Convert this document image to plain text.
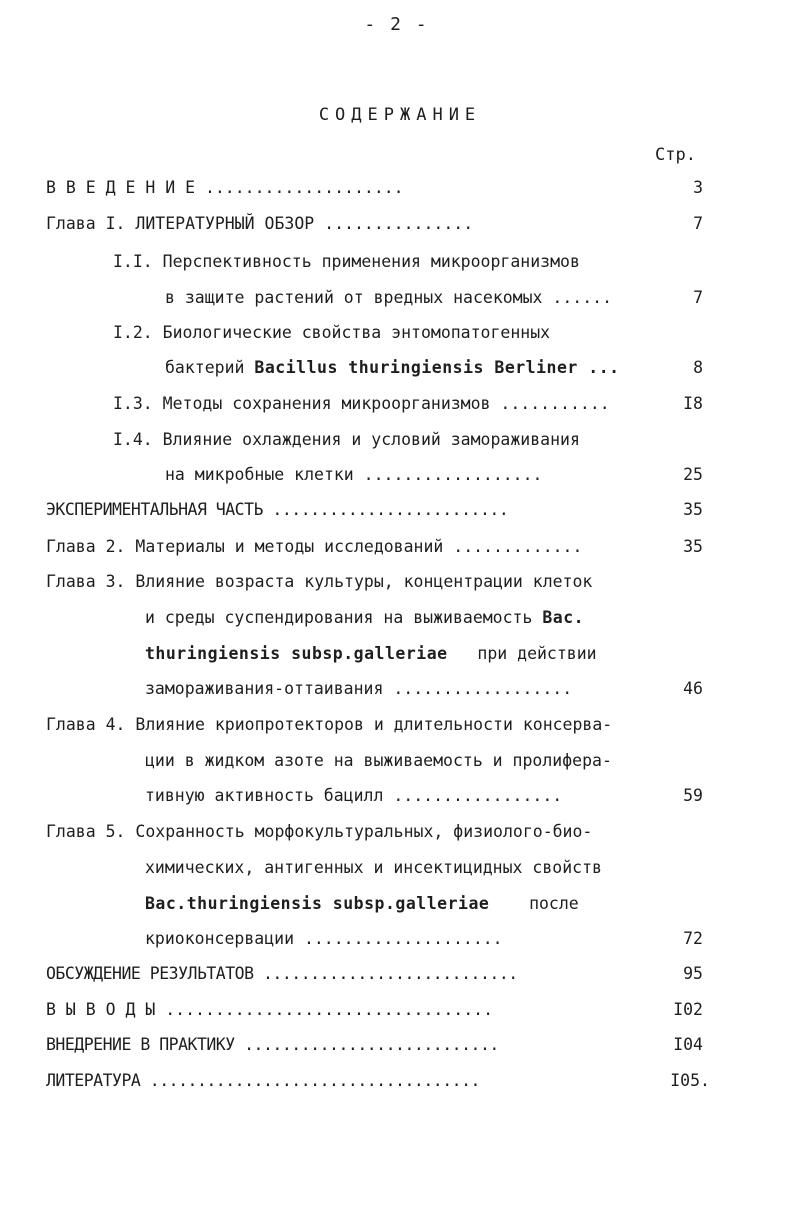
- 2 -
СОДЕРЖАНИЕ
Стр.
В В Е Д Е Н И Е ....................	3
Глава I. ЛИТЕРАТУРНЫЙ ОБЗОР ...............	7
I.I. Перспективность применения микроорганизмов
в защите растений от вредных насекомых ......	7
I.2. Биологические свойства энтомопатогенных
бактерий Bacillus thuringiensis Berliner ...	8
I.3. Методы сохранения микроорганизмов ...........	I8
I.4. Влияние охлаждения и условий замораживания
на микробные клетки ..................	25
ЭКСПЕРИМЕНТАЛЬНАЯ ЧАСТЬ .........................	35
Глава 2. Материалы и методы исследований .............	35
Глава 3. Влияние возраста культуры, концентрации клеток
и среды суспендирования на выживаемость Bac.
thuringiensis subsp.galleriae   при действии
замораживания-оттаивания ..................	46
Глава 4. Влияние криопротекторов и длительности консерва-
ции в жидком азоте на выживаемость и пролифера-
тивную активность бацилл .................	59
Глава 5. Сохранность морфокультуральных, физиолого-био-
химических, антигенных и инсектицидных свойств
Bac.thuringiensis subsp.galleriae    после
криоконсервации ....................	72
ОБСУЖДЕНИЕ РЕЗУЛЬТАТОВ ...........................	95
В Ы В О Д Ы .................................	I02
ВНЕДРЕНИЕ В ПРАКТИКУ ...........................	I04
ЛИТЕРАТУРА ...................................	I05.
